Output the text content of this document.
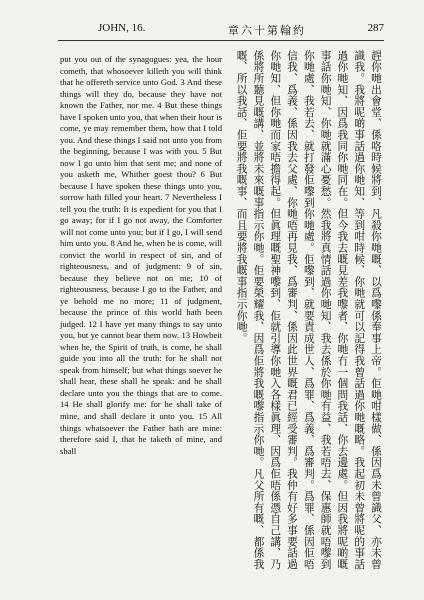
JOHN, 16.	章六十第翰約	287

put you out of the synagogues: yea, the hour cometh, that whosoever killeth you will think that he offereth service unto God. 3 And these things will they do, because they have not known the Father, nor me. 4 But these things have I spoken unto you, that when their hour is come, ye may remember them, how that I told you. And these things I said not unto you from the beginning, because I was with you. 5 But now I go unto him that sent me; and none of you asketh me, Whither goest thou? 6 But because I have spoken these things unto you, sorrow hath filled your heart. 7 Nevertheless I tell you the truth: It is expedient for you that I go away; for if I go not away, the Comforter will not come unto you; but if I go, I will send him unto you. 8 And he, when he is come, will convict the world in respect of sin, and of righteousness, and of judgment: 9 of sin, because they believe not on me; 10 of righteousness, because I go to the Father, and ye behold me no more; 11 of judgment, because the prince of this world hath been judged. 12 I have yet many things to say unto you, but ye cannot bear them now. 13 Howbeit when he, the Spirit of truth, is come, he shall guide you into all the truth: for he shall not speak from himself; but what things soever he shall hear, these shall he speak: and he shall declare unto you the things that are to come. 14 He shall glorify me: for he shall take of mine, and shall declare it unto you. 15 All things whatsoever the Father hath are mine: therefore said I, that he taketh of mine, and shall	趕你哋出會堂、係咯時候將到、凡殺你哋嘅、以爲嚟係奉事上帝。佢哋咁樣做、係因爲未曾識父、亦未曾識我。我將呢啲事話過你哋知、等到咁時候、你哋就可以記得我曾話過你哋嘅略。我起初未曾將呢的事話過你哋知、因爲我同你哋同在。但今我去嘅見差我嚟者、你哋冇一個問我話、你去邊處。但因我將呢啲嘅事話你哋知、你哋就滿心憂愁。然我將真情話過你哋知、我去係於你哋有益、我若唔去、保惠師就唔嚟到你哋處、我若去、就打發佢嚟到你哋處。佢嚟到、就要責成世人、爲罪、爲義、爲審判。爲罪、係因佢唔信我、爲義、係因我去父處、你哋唔再見我、爲審判、係因此世界嘅君已經受審判。我仲有好多事要話過你哋知、但你哋而家唔擔得起。但眞理嘅聖神嚟到、佢就引導你哋入各樣眞理、因爲佢唔係憑自己講、乃係將所聽見嘅講、並將未來嘅事指示你哋。佢要榮耀我、因爲佢將我嘅嚟指示你哋。凡父所有嘅、都係我嘅、所以我話、佢要將我嘅事、而且要將我嘅事指示你哋。
